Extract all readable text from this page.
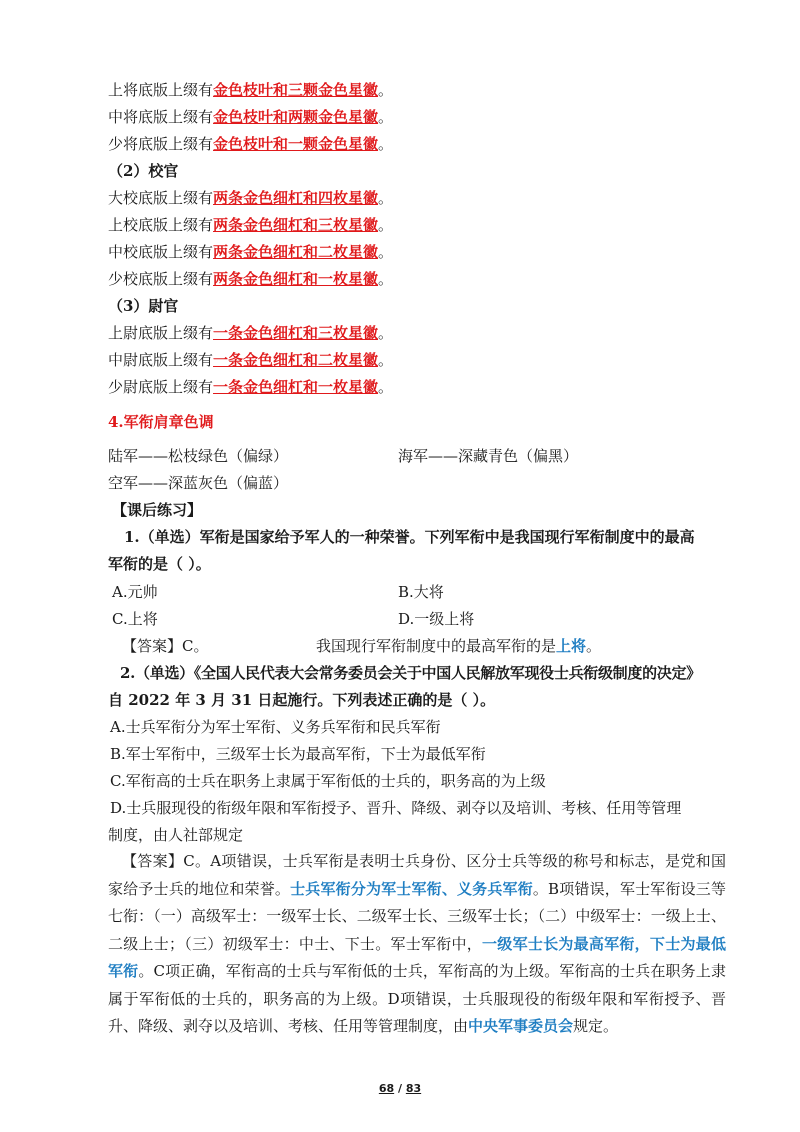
上将底版上缀有金色枝叶和三颗金色星徽。
中将底版上缀有金色枝叶和两颗金色星徽。
少将底版上缀有金色枝叶和一颗金色星徽。
（2）校官
大校底版上缀有两条金色细杠和四枚星徽。
上校底版上缀有两条金色细杠和三枚星徽。
中校底版上缀有两条金色细杠和二枚星徽。
少校底版上缀有两条金色细杠和一枚星徽。
（3）尉官
上尉底版上缀有一条金色细杠和三枚星徽。
中尉底版上缀有一条金色细杠和二枚星徽。
少尉底版上缀有一条金色细杠和一枚星徽。
4.军衔肩章色调
陆军——松枝绿色（偏绿）	海军——深藏青色（偏黑）
空军——深蓝灰色（偏蓝）
【课后练习】
1.（单选）军衔是国家给予军人的一种荣誉。下列军衔中是我国现行军衔制度中的最高
军衔的是（ ）。
A.元帅	B.大将
C.上将	D.一级上将
【答案】C。	我国现行军衔制度中的最高军衔的是上将。
2.（单选）《全国人民代表大会常务委员会关于中国人民解放军现役士兵衔级制度的决定》
自 2022 年 3 月 31 日起施行。下列表述正确的是（ ）。
A.士兵军衔分为军士军衔、义务兵军衔和民兵军衔
B.军士军衔中，三级军士长为最高军衔，下士为最低军衔
C.军衔高的士兵在职务上隶属于军衔低的士兵的，职务高的为上级
D.士兵服现役的衔级年限和军衔授予、晋升、降级、剥夺以及培训、考核、任用等管理
制度，由人社部规定
【答案】C。A项错误，士兵军衔是表明士兵身份、区分士兵等级的称号和标志，是党和国家给予士兵的地位和荣誉。士兵军衔分为军士军衔、义务兵军衔。B项错误，军士军衔设三等七衔：（一）高级军士：一级军士长、二级军士长、三级军士长；（二）中级军士：一级上士、二级上士；（三）初级军士：中士、下士。军士军衔中，一级军士长为最高军衔，下士为最低军衔。C项正确，军衔高的士兵与军衔低的士兵，军衔高的为上级。军衔高的士兵在职务上隶属于军衔低的士兵的，职务高的为上级。D项错误，士兵服现役的衔级年限和军衔授予、晋升、降级、剥夺以及培训、考核、任用等管理制度，由中央军事委员会规定。
68 / 83
